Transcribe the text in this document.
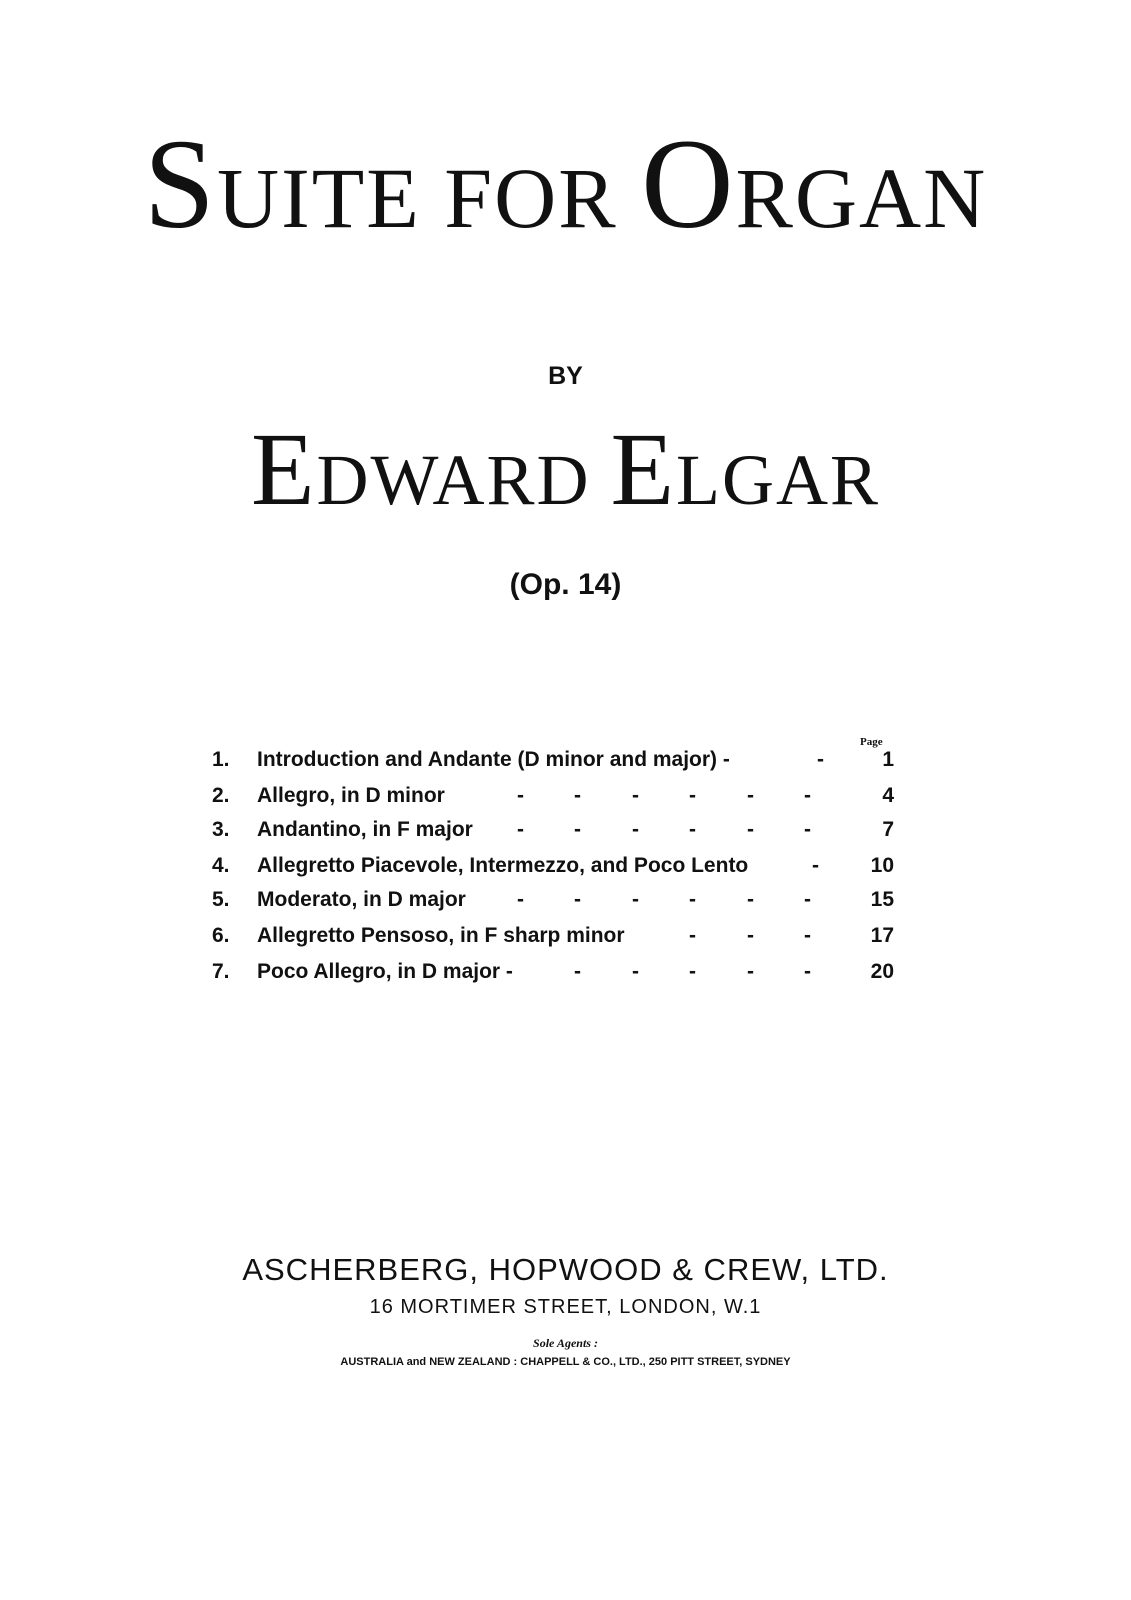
SUITE FOR ORGAN
BY
EDWARD ELGAR
(Op. 14)
Page
1. Introduction and Andante (D minor and major) -	-	1
2. Allegro, in D minor	- - - - - -	4
3. Andantino, in F major - - - - - -	7
4. Allegretto Piacevole, Intermezzo, and Poco Lento	- 10
5. Moderato, in D major - - - - - -	15
6. Allegretto Pensoso, in F sharp minor	- - -	17
7. Poco Allegro, in D major -	- - - - -	20
ASCHERBERG, HOPWOOD & CREW, LTD.
16 MORTIMER STREET, LONDON, W.1
Sole Agents :
AUSTRALIA and NEW ZEALAND : CHAPPELL & CO., LTD., 250 PITT STREET, SYDNEY
